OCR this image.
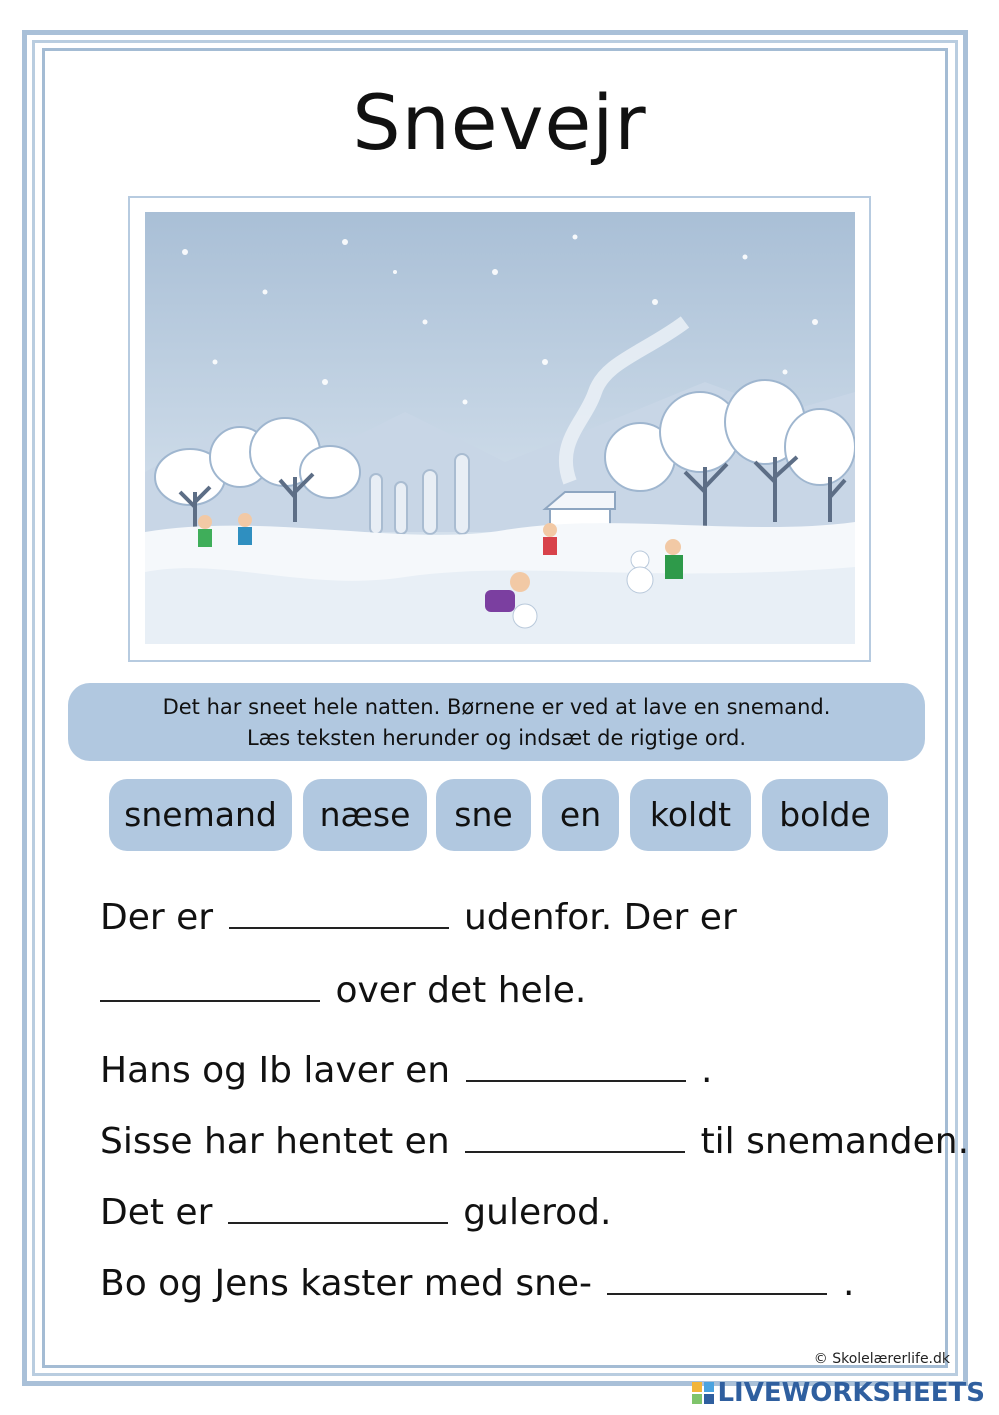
Snevejr
Det har sneet hele natten. Børnene er ved at lave en snemand.
Læs teksten herunder og indsæt de rigtige ord.
snemand	næse	sne	en	koldt	bolde
Der er	udenfor. Der er
over det hele.
Hans og Ib laver en	.
Sisse har hentet en	til snemanden.
Det er	gulerod.
Bo og Jens kaster med sne-	.
© Skolelærerlife.dk
LIVEWORKSHEETS
